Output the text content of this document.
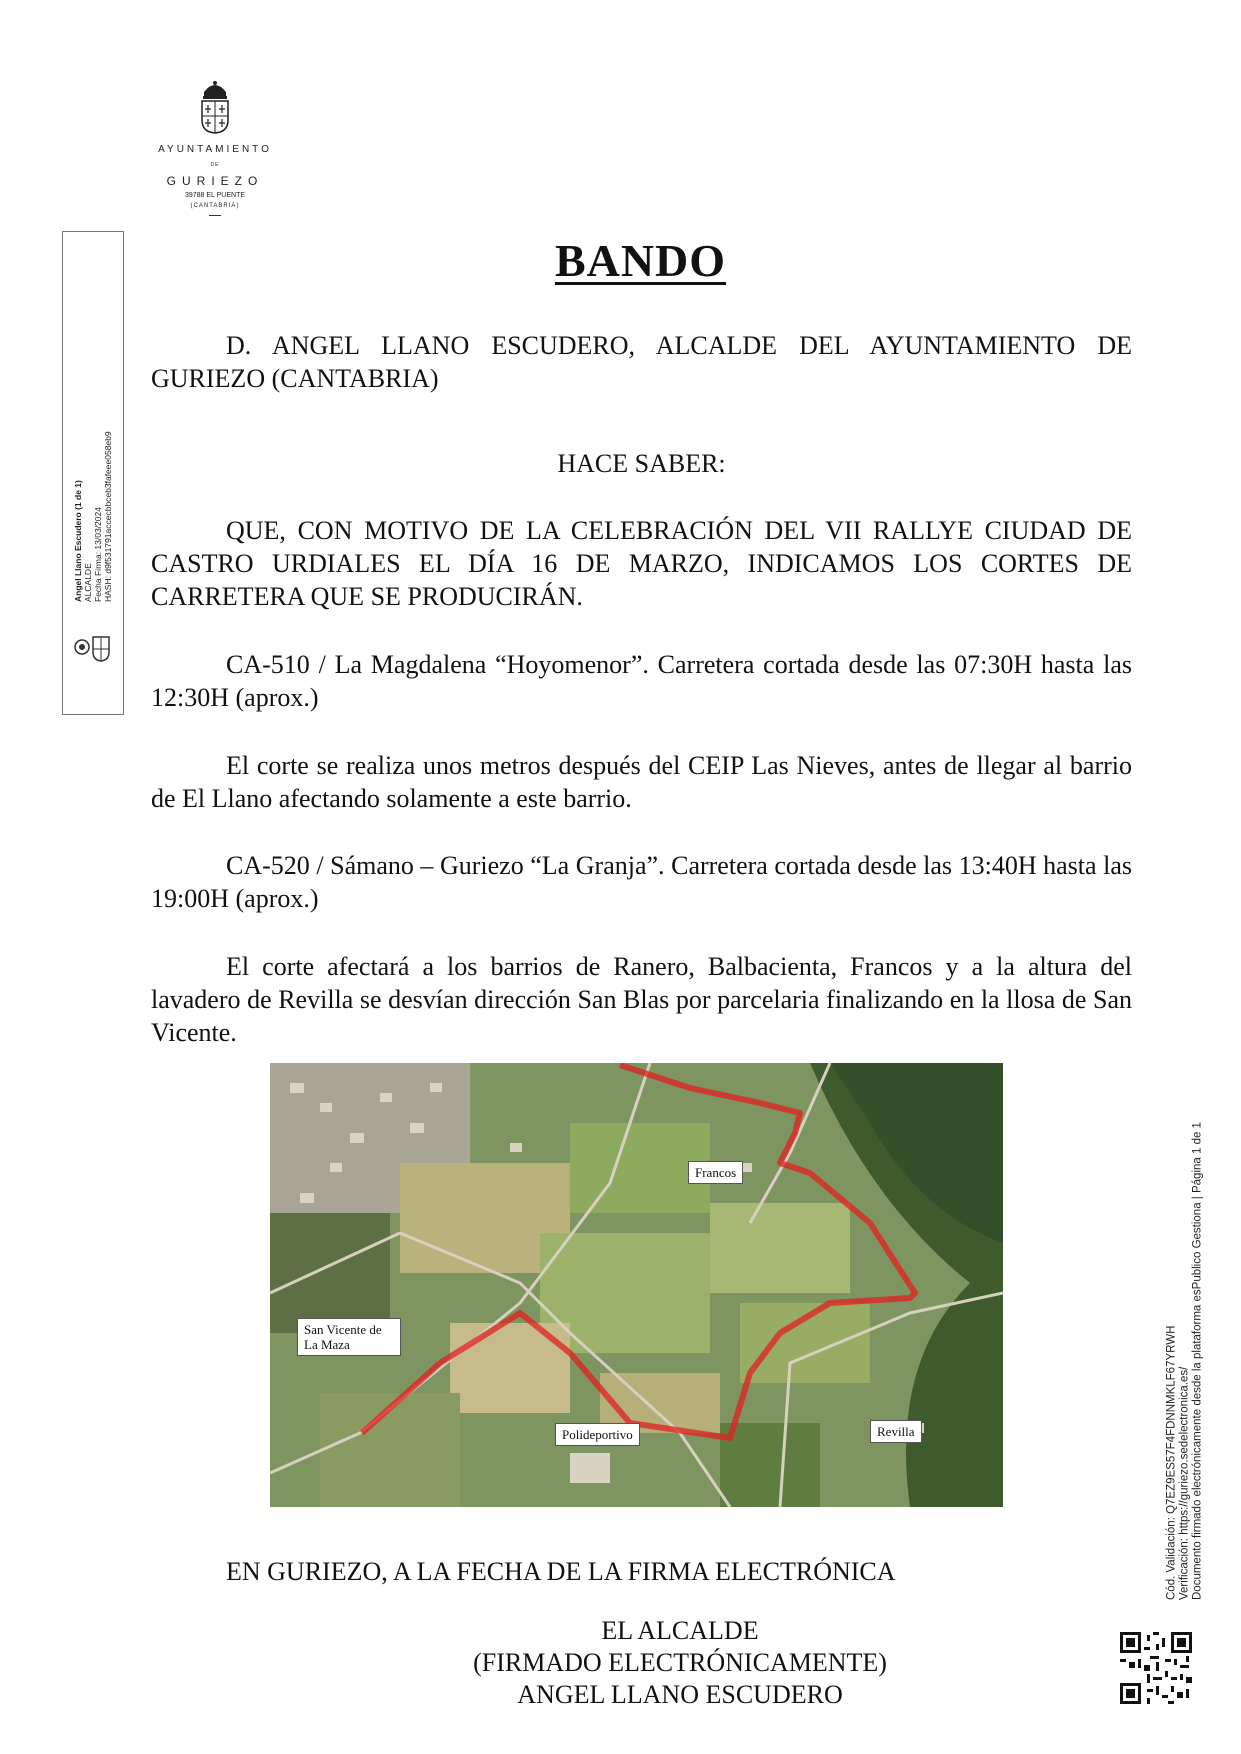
AYUNTAMIENTO
DE
GURIEZO
39788 EL PUENTE
(CANTABRIA)
Angel Llano Escudero (1 de 1) ALCALDE Fecha Firma: 13/03/2024 HASH: d9f531791accecbbceb3fafeee058eb9
BANDO
D. ANGEL LLANO ESCUDERO, ALCALDE DEL AYUNTAMIENTO DE GURIEZO (CANTABRIA)
HACE SABER:
QUE, CON MOTIVO DE LA CELEBRACIÓN DEL VII RALLYE CIUDAD DE CASTRO URDIALES EL DÍA 16 DE MARZO, INDICAMOS LOS CORTES DE CARRETERA QUE SE PRODUCIRÁN.
CA-510 / La Magdalena “Hoyomenor”. Carretera cortada desde las 07:30H hasta las 12:30H (aprox.)
El corte se realiza unos metros después del CEIP Las Nieves, antes de llegar al barrio de El Llano afectando solamente a este barrio.
CA-520 / Sámano – Guriezo “La Granja”. Carretera cortada desde las 13:40H hasta las 19:00H (aprox.)
El corte afectará a los barrios de Ranero, Balbacienta, Francos y a la altura del lavadero de Revilla se desvían dirección San Blas por parcelaria finalizando en la llosa de San Vicente.
Francos
San Vicente de La Maza
Polideportivo	Revilla
EN GURIEZO, A LA FECHA DE LA FIRMA ELECTRÓNICA
EL ALCALDE
(FIRMADO ELECTRÓNICAMENTE)
ANGEL LLANO ESCUDERO
Cód. Validación: Q7EZ9ES57F4FDNNMKLF67YRWH Verificación: https://guriezo.sedelectronica.es/ Documento firmado electrónicamente desde la plataforma esPublico Gestiona | Página 1 de 1
